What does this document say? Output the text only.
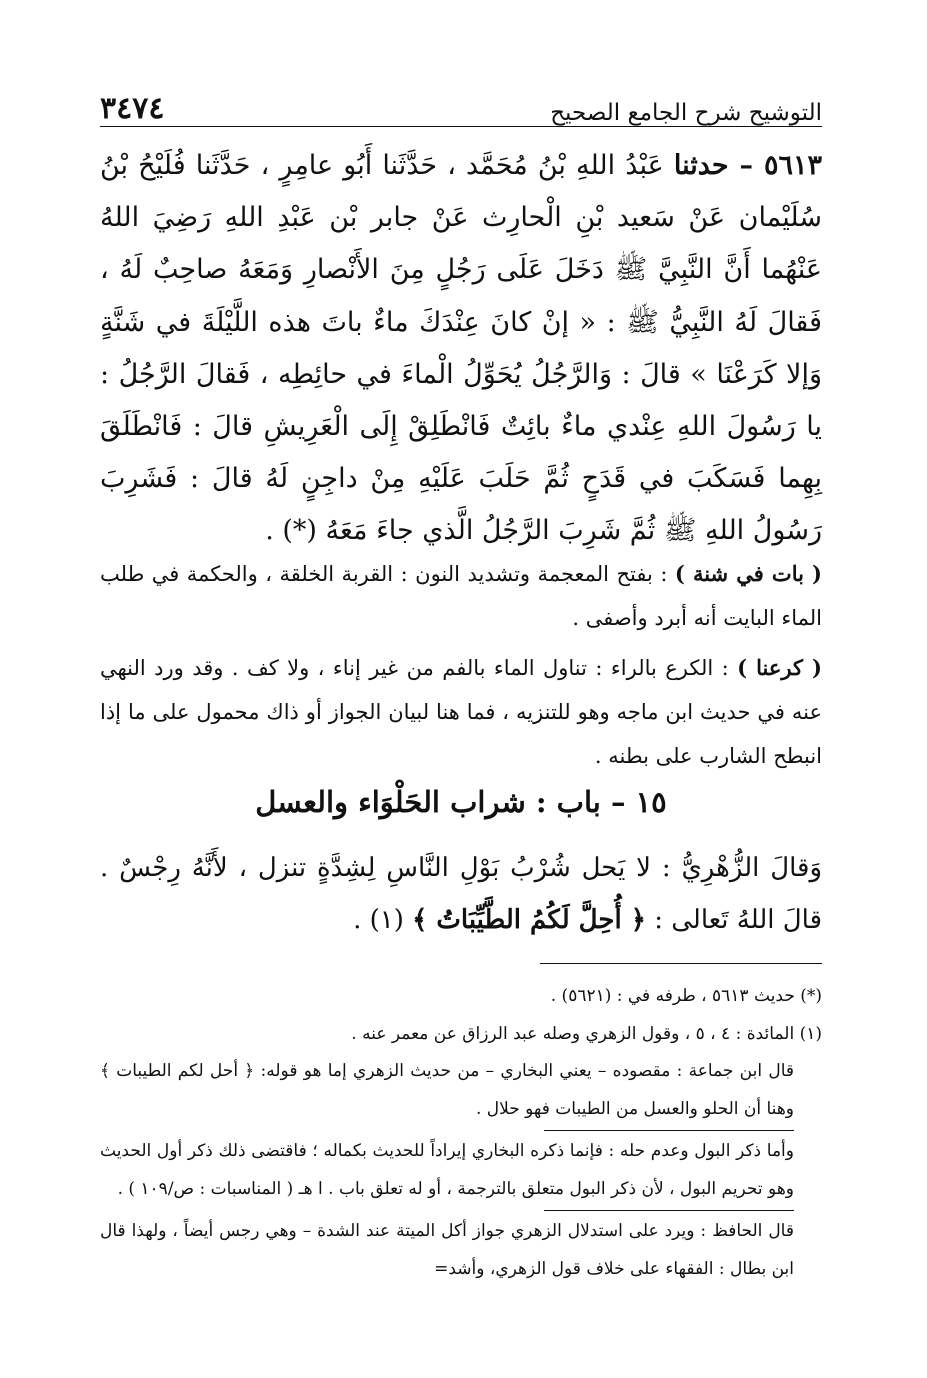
٣٤٧٤	التوشيح شرح الجامع الصحيح
٥٦١٣ – حدثنا عَبْدُ اللهِ بْنُ مُحَمَّد ، حَدَّثَنا أَبُو عامِرٍ ، حَدَّثَنا فُلَيْحُ بْنُ سُلَيْمان عَنْ سَعيد بْنِ الْحارِث عَنْ جابر بْن عَبْدِ اللهِ رَضِيَ اللهُ عَنْهُما أَنَّ النَّبِيَّ ﷺ دَخَلَ عَلَى رَجُلٍ مِنَ الأَنْصارِ وَمَعَهُ صاحِبٌ لَهُ ، فَقالَ لَهُ النَّبِيُّ ﷺ : « إنْ كانَ عِنْدَكَ ماءٌ باتَ هذه اللَّيْلَةَ في شَنَّةٍ وَإلا كَرَعْنَا » قالَ : وَالرَّجُلُ يُحَوِّلُ الْماءَ في حائِطِه ، فَقالَ الرَّجُلُ : يا رَسُولَ اللهِ عِنْدي ماءٌ بائِتٌ فَانْطَلِقْ إِلَى الْعَرِيشِ قالَ : فَانْطَلَقَ بِهِما فَسَكَبَ في قَدَحٍ ثُمَّ حَلَبَ عَلَيْهِ مِنْ داجِنٍ لَهُ قالَ : فَشَرِبَ رَسُولُ اللهِ ﷺ ثُمَّ شَرِبَ الرَّجُلُ الَّذي جاءَ مَعَهُ (*) .

( بات في شنة ) : بفتح المعجمة وتشديد النون : القربة الخلقة ، والحكمة في طلب الماء البايت أنه أبرد وأصفى .

( كرعنا ) : الكرع بالراء : تناول الماء بالفم من غير إناء ، ولا كف . وقد ورد النهي عنه في حديث ابن ماجه وهو للتنزيه ، فما هنا لبيان الجواز أو ذاك محمول على ما إذا انبطح الشارب على بطنه .

١٥ – باب : شراب الحَلْوَاء والعسل
وَقالَ الزُّهْرِيُّ : لا يَحل شُرْبُ بَوْلِ النَّاسِ لِشِدَّةٍ تنزل ، لأَنَّهُ رِجْسٌ . قالَ اللهُ تَعالى : ﴿ أُحِلَّ لَكُمُ الطَّيِّبَاتُ ﴾ (١) .

(*) حديث ٥٦١٣ ، طرفه في : (٥٦٢١) .

(١) المائدة : ٤ ، ٥ ، وقول الزهري وصله عبد الرزاق عن معمر عنه .

قال ابن جماعة : مقصوده – يعني البخاري – من حديث الزهري إما هو قوله: ﴿ أحل لكم الطيبات ﴾ وهنا أن الحلو والعسل من الطيبات فهو حلال .

وأما ذكر البول وعدم حله : فإنما ذكره البخاري إيراداً للحديث بكماله ؛ فاقتضى ذلك ذكر أول الحديث وهو تحريم البول ، لأن ذكر البول متعلق بالترجمة ، أو له تعلق باب . ا هـ ( المناسبات : ص/١٠٩ ) .

قال الحافظ : ويرد على استدلال الزهري جواز أكل الميتة عند الشدة – وهي رجس أيضاً ، ولهذا قال ابن بطال : الفقهاء على خلاف قول الزهري، وأشد=
